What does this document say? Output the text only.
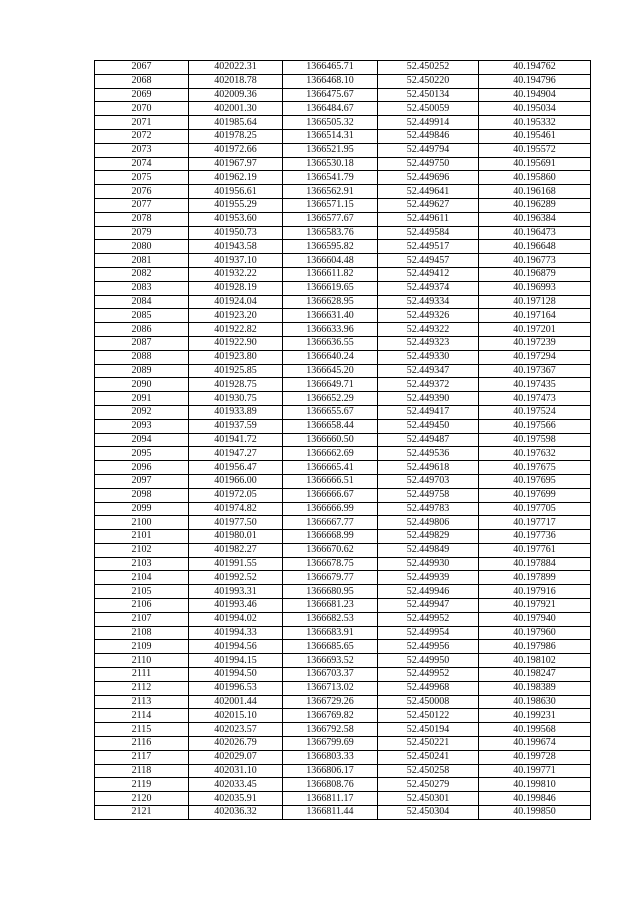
2067	402022.31	1366465.71	52.450252	40.194762
2068	402018.78	1366468.10	52.450220	40.194796
2069	402009.36	1366475.67	52.450134	40.194904
2070	402001.30	1366484.67	52.450059	40.195034
2071	401985.64	1366505.32	52.449914	40.195332
2072	401978.25	1366514.31	52.449846	40.195461
2073	401972.66	1366521.95	52.449794	40.195572
2074	401967.97	1366530.18	52.449750	40.195691
2075	401962.19	1366541.79	52.449696	40.195860
2076	401956.61	1366562.91	52.449641	40.196168
2077	401955.29	1366571.15	52.449627	40.196289
2078	401953.60	1366577.67	52.449611	40.196384
2079	401950.73	1366583.76	52.449584	40.196473
2080	401943.58	1366595.82	52.449517	40.196648
2081	401937.10	1366604.48	52.449457	40.196773
2082	401932.22	1366611.82	52.449412	40.196879
2083	401928.19	1366619.65	52.449374	40.196993
2084	401924.04	1366628.95	52.449334	40.197128
2085	401923.20	1366631.40	52.449326	40.197164
2086	401922.82	1366633.96	52.449322	40.197201
2087	401922.90	1366636.55	52.449323	40.197239
2088	401923.80	1366640.24	52.449330	40.197294
2089	401925.85	1366645.20	52.449347	40.197367
2090	401928.75	1366649.71	52.449372	40.197435
2091	401930.75	1366652.29	52.449390	40.197473
2092	401933.89	1366655.67	52.449417	40.197524
2093	401937.59	1366658.44	52.449450	40.197566
2094	401941.72	1366660.50	52.449487	40.197598
2095	401947.27	1366662.69	52.449536	40.197632
2096	401956.47	1366665.41	52.449618	40.197675
2097	401966.00	1366666.51	52.449703	40.197695
2098	401972.05	1366666.67	52.449758	40.197699
2099	401974.82	1366666.99	52.449783	40.197705
2100	401977.50	1366667.77	52.449806	40.197717
2101	401980.01	1366668.99	52.449829	40.197736
2102	401982.27	1366670.62	52.449849	40.197761
2103	401991.55	1366678.75	52.449930	40.197884
2104	401992.52	1366679.77	52.449939	40.197899
2105	401993.31	1366680.95	52.449946	40.197916
2106	401993.46	1366681.23	52.449947	40.197921
2107	401994.02	1366682.53	52.449952	40.197940
2108	401994.33	1366683.91	52.449954	40.197960
2109	401994.56	1366685.65	52.449956	40.197986
2110	401994.15	1366693.52	52.449950	40.198102
2111	401994.50	1366703.37	52.449952	40.198247
2112	401996.53	1366713.02	52.449968	40.198389
2113	402001.44	1366729.26	52.450008	40.198630
2114	402015.10	1366769.82	52.450122	40.199231
2115	402023.57	1366792.58	52.450194	40.199568
2116	402026.79	1366799.69	52.450221	40.199674
2117	402029.07	1366803.33	52.450241	40.199728
2118	402031.10	1366806.17	52.450258	40.199771
2119	402033.45	1366808.76	52.450279	40.199810
2120	402035.91	1366811.17	52.450301	40.199846
2121	402036.32	1366811.44	52.450304	40.199850
